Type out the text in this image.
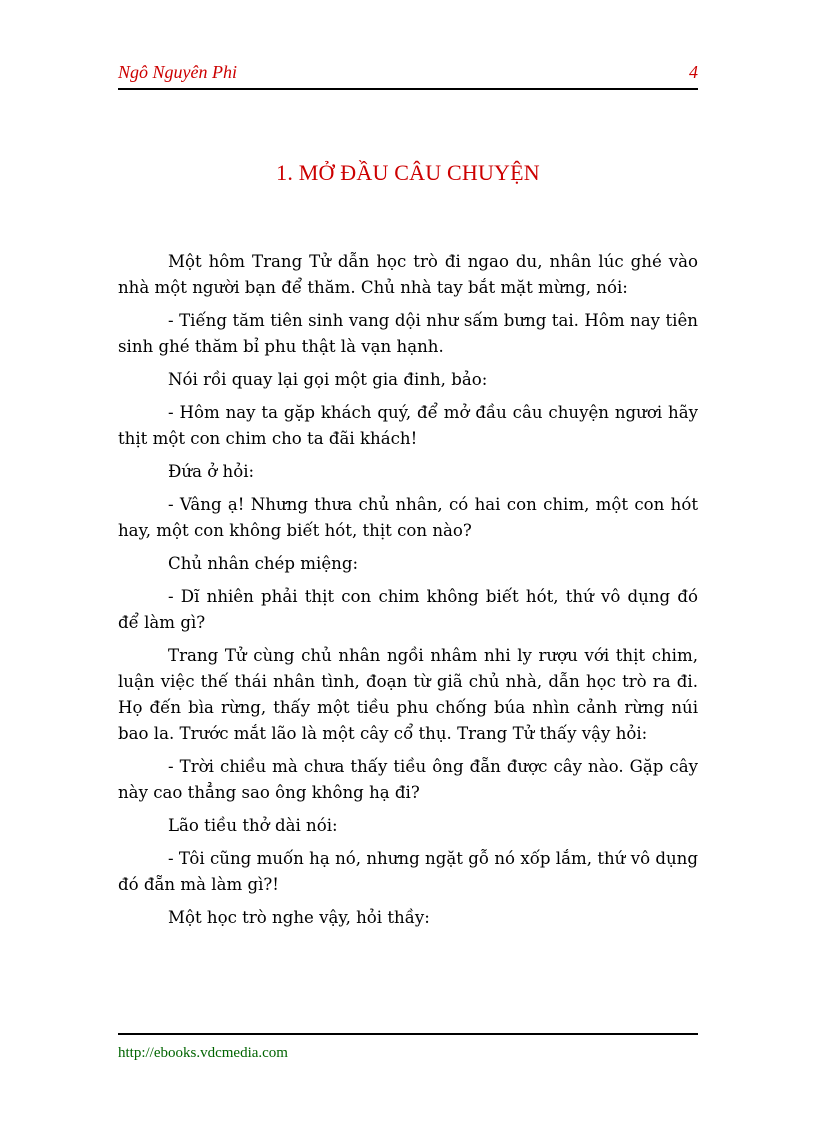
Ngô Nguyên Phi	4
1. MỞ ĐẦU CÂU CHUYỆN

Một hôm Trang Tử dẫn học trò đi ngao du, nhân lúc ghé vào nhà một người bạn để thăm. Chủ nhà tay bắt mặt mừng, nói:

- Tiếng tăm tiên sinh vang dội như sấm bưng tai. Hôm nay tiên sinh ghé thăm bỉ phu thật là vạn hạnh.

Nói rồi quay lại gọi một gia đinh, bảo:

- Hôm nay ta gặp khách quý, để mở đầu câu chuyện ngươi hãy thịt một con chim cho ta đãi khách!

Đứa ở hỏi:

- Vâng ạ! Nhưng thưa chủ nhân, có hai con chim, một con hót hay, một con không biết hót, thịt con nào?

Chủ nhân chép miệng:

- Dĩ nhiên phải thịt con chim không biết hót, thứ vô dụng đó để làm gì?

Trang Tử cùng chủ nhân ngồi nhâm nhi ly rượu với thịt chim, luận việc thế thái nhân tình, đoạn từ giã chủ nhà, dẫn học trò ra đi. Họ đến bìa rừng, thấy một tiều phu chống búa nhìn cảnh rừng núi bao la. Trước mắt lão là một cây cổ thụ. Trang Tử thấy vậy hỏi:

- Trời chiều mà chưa thấy tiều ông đẵn được cây nào. Gặp cây này cao thẳng sao ông không hạ đi?

Lão tiều thở dài nói:

- Tôi cũng muốn hạ nó, nhưng ngặt gỗ nó xốp lắm, thứ vô dụng đó đẵn mà làm gì?!

Một học trò nghe vậy, hỏi thầy:

http://ebooks.vdcmedia.com
